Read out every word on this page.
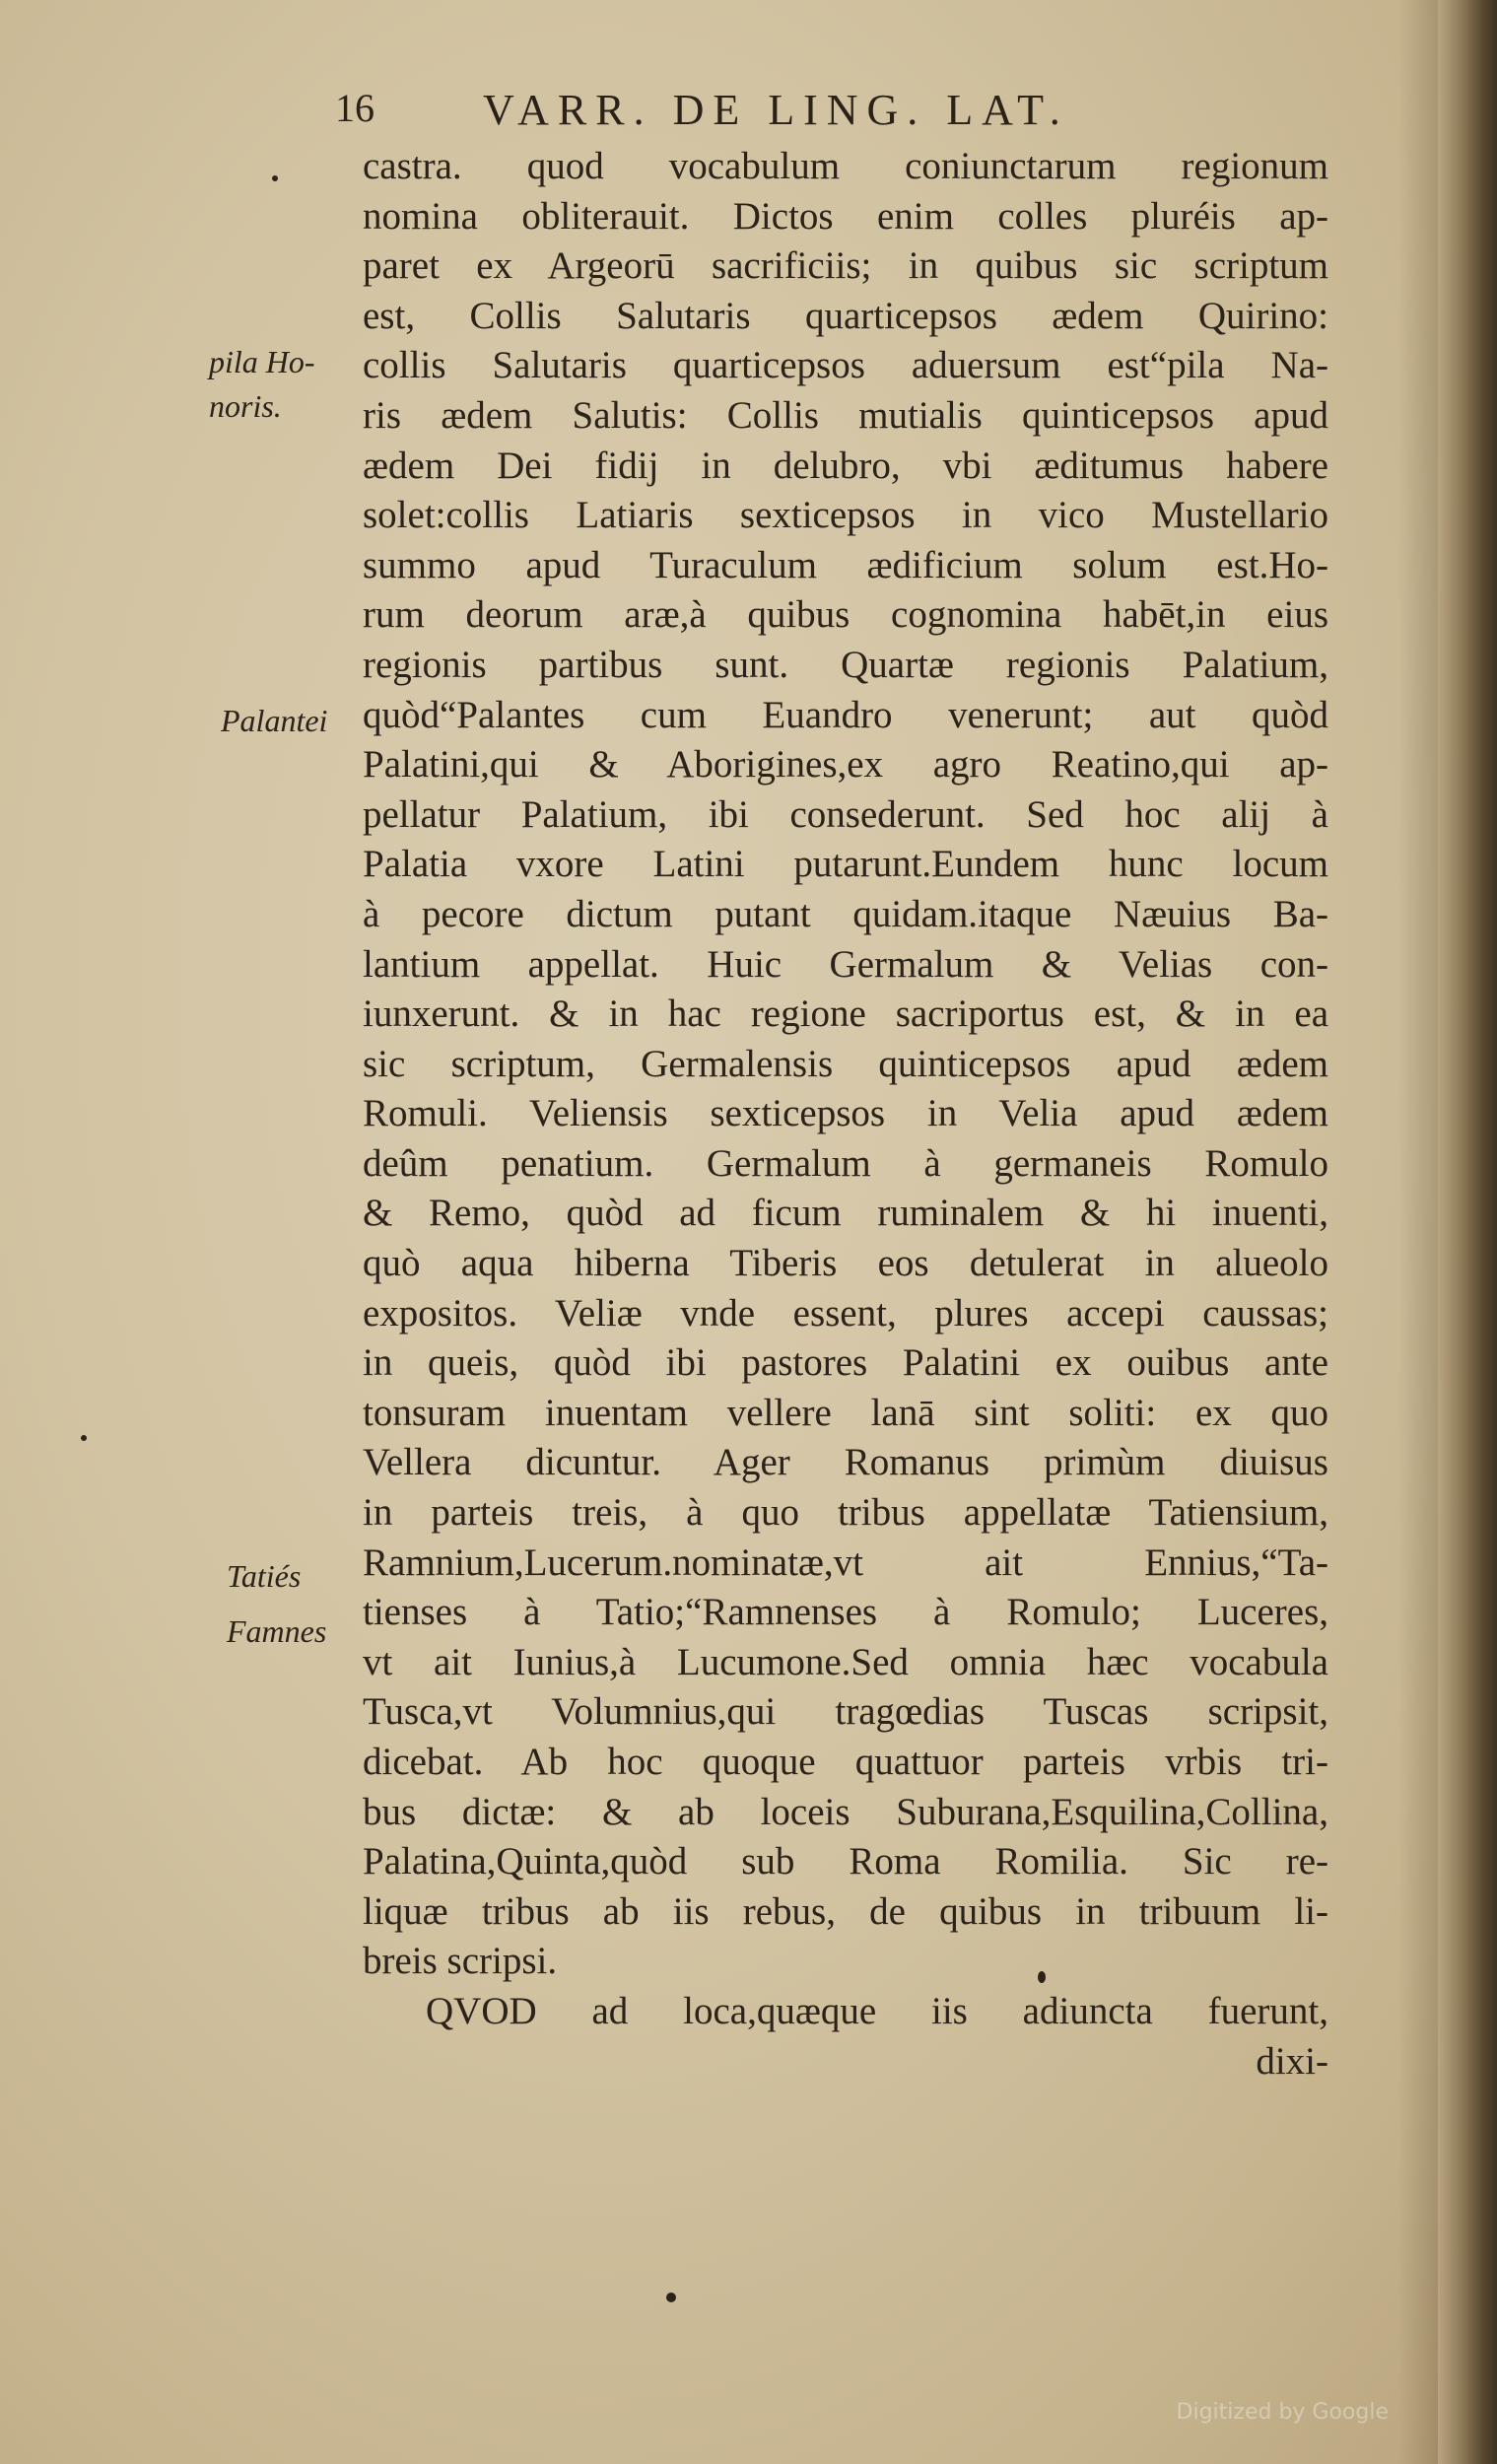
16	VARR. DE LING. LAT.
pila Ho-
noris.
Palantei
Tatiés
Famnes
castra. quod vocabulum coniunctarum regionum
nomina obliterauit. Dictos enim colles pluréis ap-
paret ex Argeorū sacrificiis; in quibus sic scriptum
est, Collis Salutaris quarticepsos ædem Quirino:
collis Salutaris quarticepsos aduersum est“pila Na-
ris ædem Salutis: Collis mutialis quinticepsos apud
ædem Dei fidij in delubro, vbi æditumus habere
solet:collis Latiaris sexticepsos in vico Mustellario
summo apud Turaculum ædificium solum est.Ho-
rum deorum aræ,à quibus cognomina habēt,in eius
regionis partibus sunt. Quartæ regionis Palatium,
quòd“Palantes cum Euandro venerunt; aut quòd
Palatini,qui & Aborigines,ex agro Reatino,qui ap-
pellatur Palatium, ibi consederunt. Sed hoc alij à
Palatia vxore Latini putarunt.Eundem hunc locum
à pecore dictum putant quidam.itaque Næuius Ba-
lantium appellat. Huic Germalum & Velias con-
iunxerunt. & in hac regione sacriportus est, & in ea
sic scriptum, Germalensis quinticepsos apud ædem
Romuli. Veliensis sexticepsos in Velia apud ædem
deûm penatium. Germalum à germaneis Romulo
& Remo, quòd ad ficum ruminalem & hi inuenti,
quò aqua hiberna Tiberis eos detulerat in alueolo
expositos. Veliæ vnde essent, plures accepi caussas;
in queis, quòd ibi pastores Palatini ex ouibus ante
tonsuram inuentam vellere lanā sint soliti: ex quo
Vellera dicuntur. Ager Romanus primùm diuisus
in parteis treis, à quo tribus appellatæ Tatiensium,
Ramnium,Lucerum.nominatæ,vt ait Ennius,“Ta-
tienses à Tatio;“Ramnenses à Romulo; Luceres,
vt ait Iunius,à Lucumone.Sed omnia hæc vocabula
Tusca,vt Volumnius,qui tragœdias Tuscas scripsit,
dicebat. Ab hoc quoque quattuor parteis vrbis tri-
bus dictæ: & ab loceis Suburana,Esquilina,Collina,
Palatina,Quinta,quòd sub Roma Romilia. Sic re-
liquæ tribus ab iis rebus, de quibus in tribuum li-
breis scripsi.
QVOD ad loca,quæque iis adiuncta fuerunt,
dixi-
Digitized by Google
